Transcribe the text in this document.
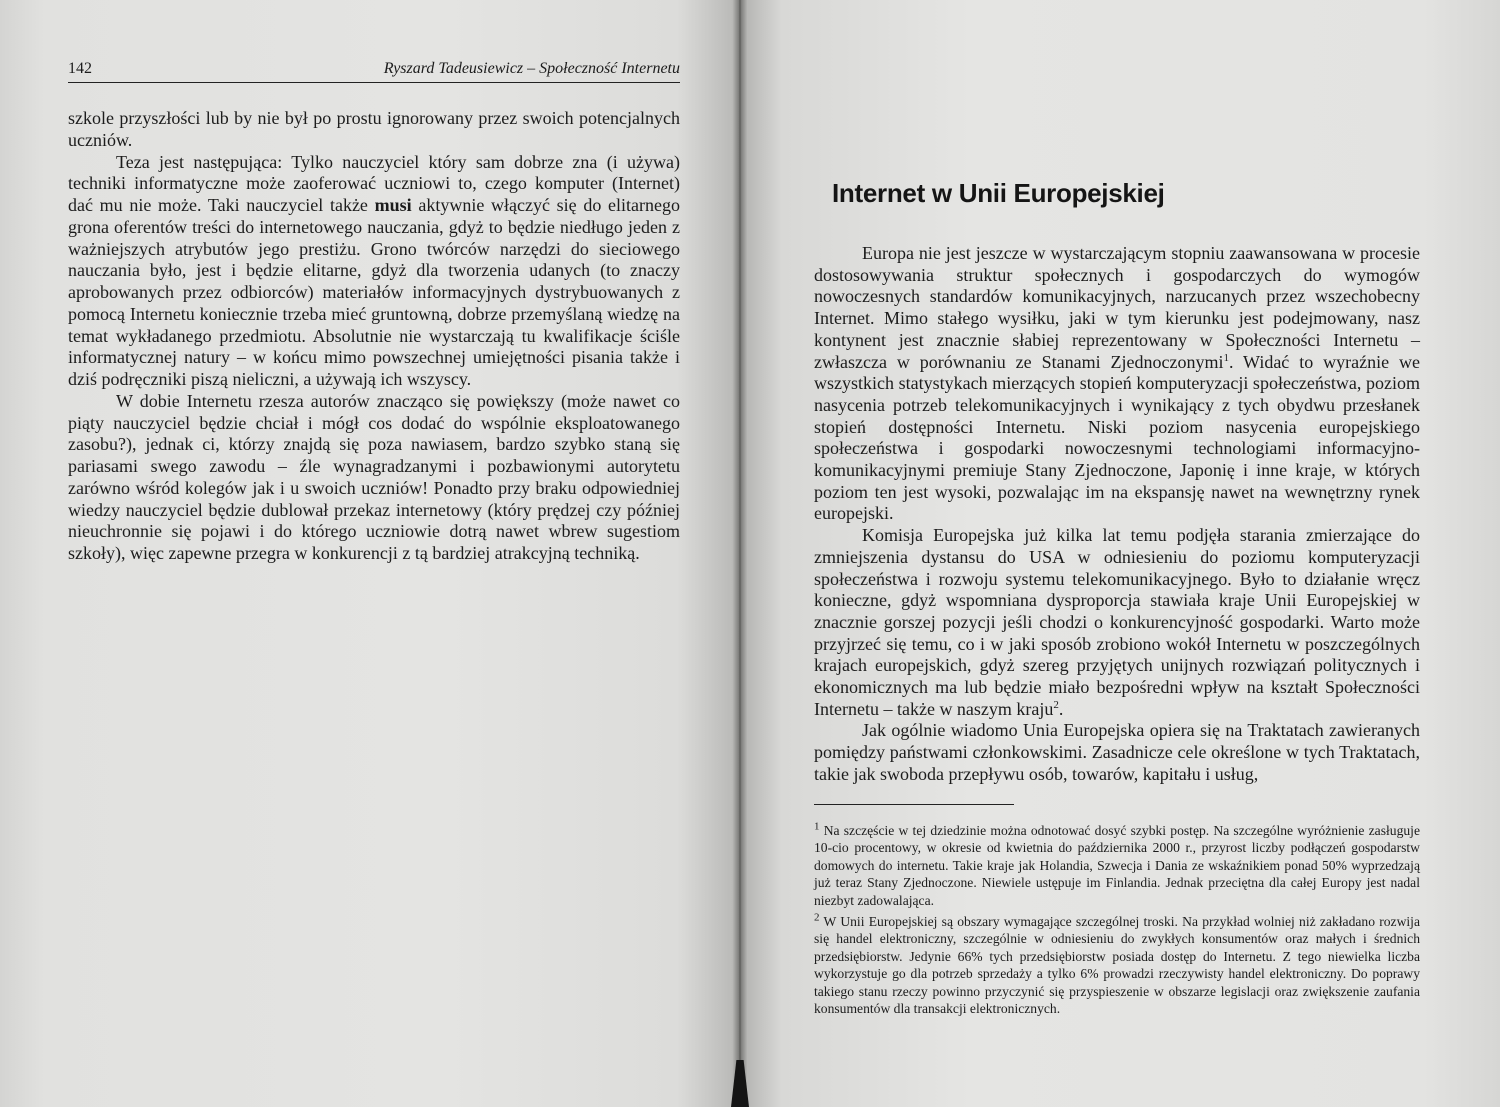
142	Ryszard Tadeusiewicz – Społeczność Internetu

szkole przyszłości lub by nie był po prostu ignorowany przez swoich potencjalnych uczniów.

Teza jest następująca: Tylko nauczyciel który sam dobrze zna (i używa) techniki informatyczne może zaoferować uczniowi to, czego komputer (Internet) dać mu nie może. Taki nauczyciel także musi aktywnie włączyć się do elitarnego grona oferentów treści do internetowego nauczania, gdyż to będzie niedługo jeden z ważniejszych atrybutów jego prestiżu. Grono twórców narzędzi do sieciowego nauczania było, jest i będzie elitarne, gdyż dla tworzenia udanych (to znaczy aprobowanych przez odbiorców) materiałów informacyjnych dystrybuowanych z pomocą Internetu koniecznie trzeba mieć gruntowną, dobrze przemyślaną wiedzę na temat wykładanego przedmiotu. Absolutnie nie wystarczają tu kwalifikacje ściśle informatycznej natury – w końcu mimo powszechnej umiejętności pisania także i dziś podręczniki piszą nieliczni, a używają ich wszyscy.

W dobie Internetu rzesza autorów znacząco się powiększy (może nawet co piąty nauczyciel będzie chciał i mógł cos dodać do wspólnie eksploatowanego zasobu?), jednak ci, którzy znajdą się poza nawiasem, bardzo szybko staną się pariasami swego zawodu – źle wynagradzanymi i pozbawionymi autorytetu zarówno wśród kolegów jak i u swoich uczniów! Ponadto przy braku odpowiedniej wiedzy nauczyciel będzie dublował przekaz internetowy (który prędzej czy później nieuchronnie się pojawi i do którego uczniowie dotrą nawet wbrew sugestiom szkoły), więc zapewne przegra w konkurencji z tą bardziej atrakcyjną techniką.

Internet w Unii Europejskiej

Europa nie jest jeszcze w wystarczającym stopniu zaawansowana w procesie dostosowywania struktur społecznych i gospodarczych do wymogów nowoczesnych standardów komunikacyjnych, narzucanych przez wszechobecny Internet. Mimo stałego wysiłku, jaki w tym kierunku jest podejmowany, nasz kontynent jest znacznie słabiej reprezentowany w Społeczności Internetu – zwłaszcza w porównaniu ze Stanami Zjednoczonymi$^1$. Widać to wyraźnie we wszystkich statystykach mierzących stopień komputeryzacji społeczeństwa, poziom nasycenia potrzeb telekomunikacyjnych i wynikający z tych obydwu przesłanek stopień dostępności Internetu. Niski poziom nasycenia europejskiego społeczeństwa i gospodarki nowoczesnymi technologiami informacyjno-komunikacyjnymi premiuje Stany Zjednoczone, Japonię i inne kraje, w których poziom ten jest wysoki, pozwalając im na ekspansję nawet na wewnętrzny rynek europejski.

Komisja Europejska już kilka lat temu podjęła starania zmierzające do zmniejszenia dystansu do USA w odniesieniu do poziomu komputeryzacji społeczeństwa i rozwoju systemu telekomunikacyjnego. Było to działanie wręcz konieczne, gdyż wspomniana dysproporcja stawiała kraje Unii Europejskiej w znacznie gorszej pozycji jeśli chodzi o konkurencyjność gospodarki. Warto może przyjrzeć się temu, co i w jaki sposób zrobiono wokół Internetu w poszczególnych krajach europejskich, gdyż szereg przyjętych unijnych rozwiązań politycznych i ekonomicznych ma lub będzie miało bezpośredni wpływ na kształt Społeczności Internetu – także w naszym kraju$^2$.

Jak ogólnie wiadomo Unia Europejska opiera się na Traktatach zawieranych pomiędzy państwami członkowskimi. Zasadnicze cele określone w tych Traktatach, takie jak swoboda przepływu osób, towarów, kapitału i usług,

$^1$ Na szczęście w tej dziedzinie można odnotować dosyć szybki postęp. Na szczególne wyróżnienie zasługuje 10-cio procentowy, w okresie od kwietnia do października 2000 r., przyrost liczby podłączeń gospodarstw domowych do internetu. Takie kraje jak Holandia, Szwecja i Dania ze wskaźnikiem ponad 50% wyprzedzają już teraz Stany Zjednoczone. Niewiele ustępuje im Finlandia. Jednak przeciętna dla całej Europy jest nadal niezbyt zadowalająca.

$^2$ W Unii Europejskiej są obszary wymagające szczególnej troski. Na przykład wolniej niż zakładano rozwija się handel elektroniczny, szczególnie w odniesieniu do zwykłych konsumentów oraz małych i średnich przedsiębiorstw. Jedynie 66% tych przedsiębiorstw posiada dostęp do Internetu. Z tego niewielka liczba wykorzystuje go dla potrzeb sprzedaży a tylko 6% prowadzi rzeczywisty handel elektroniczny. Do poprawy takiego stanu rzeczy powinno przyczynić się przyspieszenie w obszarze legislacji oraz zwiększenie zaufania konsumentów dla transakcji elektronicznych.
